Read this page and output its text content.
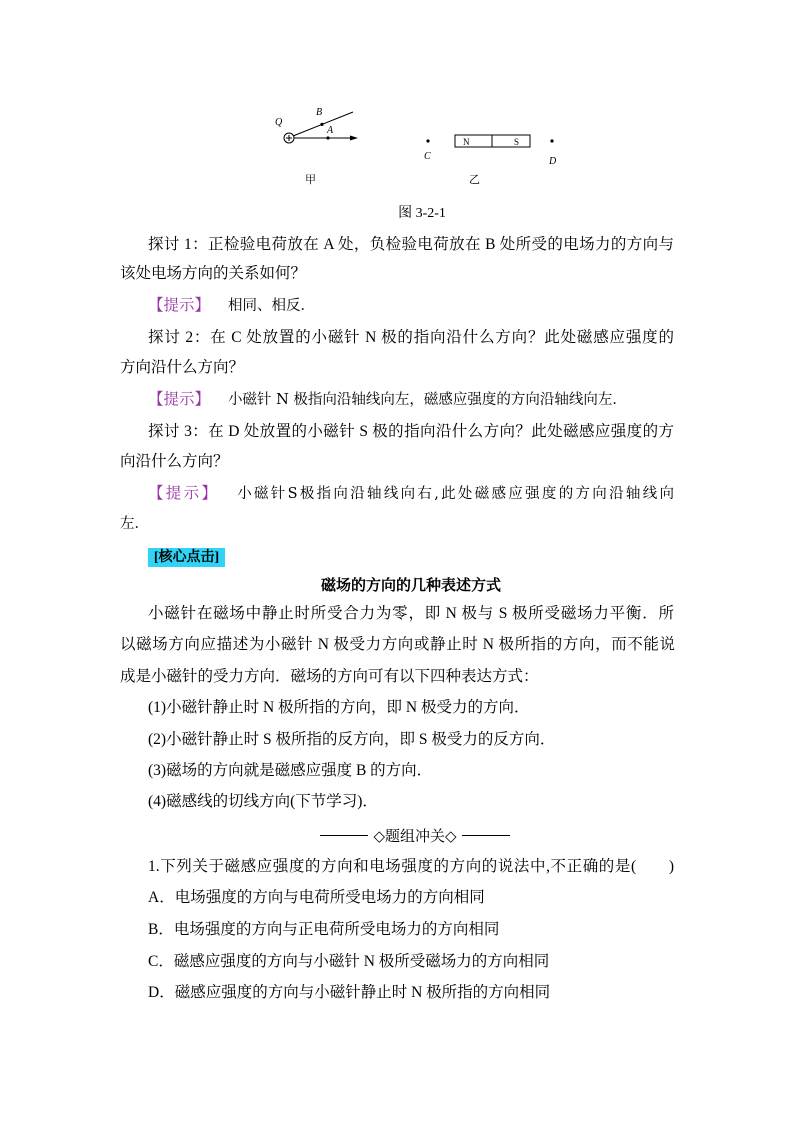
Q
B
A
甲
C
N	S
D
乙
图 3-2-1
探讨 1：正检验电荷放在 A 处，负检验电荷放在 B 处所受的电场力的方向与
该处电场方向的关系如何？
【提示】 相同、相反．
探讨 2：在 C 处放置的小磁针 N 极的指向沿什么方向？此处磁感应强度的
方向沿什么方向？
【提示】 小磁针 N 极指向沿轴线向左，磁感应强度的方向沿轴线向左．
探讨 3：在 D 处放置的小磁针 S 极的指向沿什么方向？此处磁感应强度的方
向沿什么方向？
【提示】 小磁针S极指向沿轴线向右,此处磁感应强度的方向沿轴线向
左．
[核心点击]
磁场的方向的几种表述方式
小磁针在磁场中静止时所受合力为零，即 N 极与 S 极所受磁场力平衡．所
以磁场方向应描述为小磁针 N 极受力方向或静止时 N 极所指的方向，而不能说
成是小磁针的受力方向．磁场的方向可有以下四种表达方式：
(1)小磁针静止时 N 极所指的方向，即 N 极受力的方向．
(2)小磁针静止时 S 极所指的反方向，即 S 极受力的反方向．
(3)磁场的方向就是磁感应强度 B 的方向．
(4)磁感线的切线方向(下节学习)．
◇题组冲关◇
1.下列关于磁感应强度的方向和电场强度的方向的说法中,不正确的是(　　)
A．电场强度的方向与电荷所受电场力的方向相同
B．电场强度的方向与正电荷所受电场力的方向相同
C．磁感应强度的方向与小磁针 N 极所受磁场力的方向相同
D．磁感应强度的方向与小磁针静止时 N 极所指的方向相同
